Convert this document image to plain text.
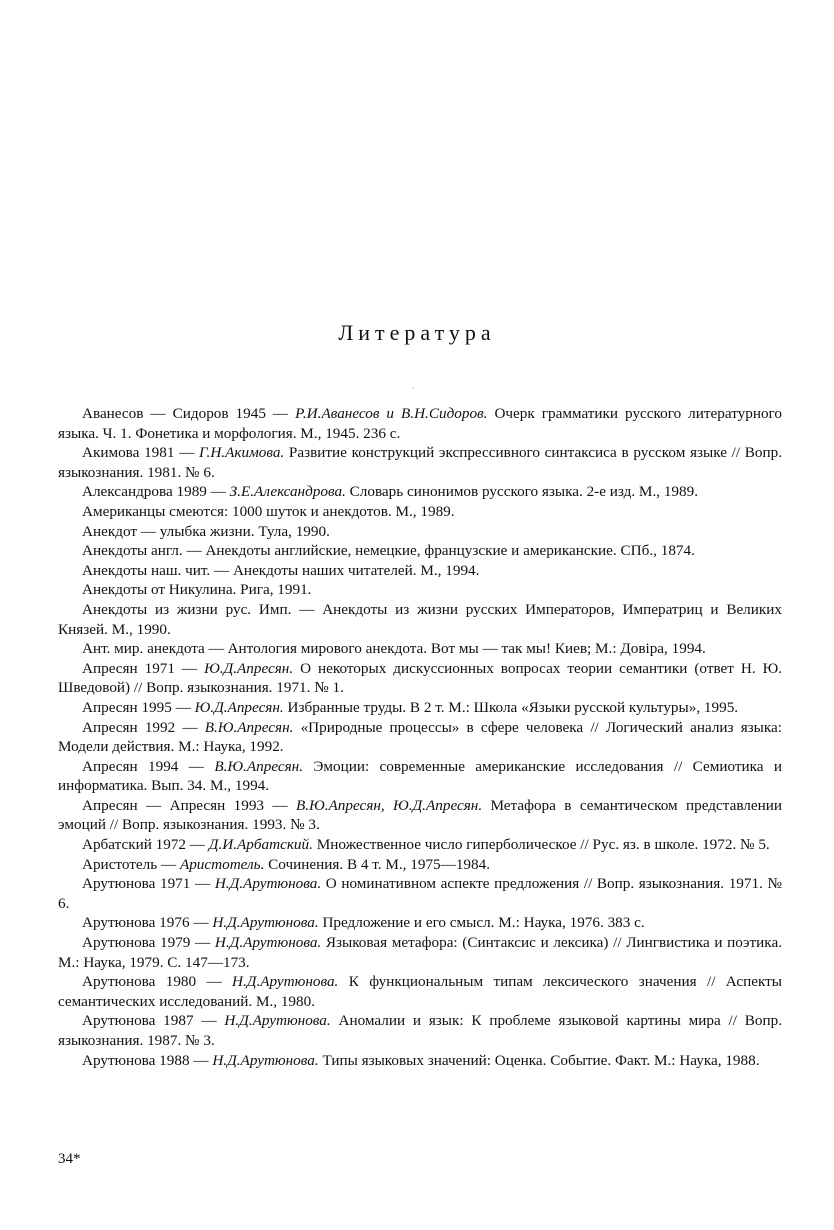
Литература
·

Аванесов — Сидоров 1945 — Р.И.Аванесов и В.Н.Сидоров. Очерк грамматики русского литературного языка. Ч. 1. Фонетика и морфология. М., 1945. 236 с.

Акимова 1981 — Г.Н.Акимова. Развитие конструкций экспрессивного синтаксиса в русском языке // Вопр. языкознания. 1981. № 6.

Александрова 1989 — З.Е.Александрова. Словарь синонимов русского языка. 2-е изд. М., 1989.

Американцы смеются: 1000 шуток и анекдотов. М., 1989.

Анекдот — улыбка жизни. Тула, 1990.

Анекдоты англ. — Анекдоты английские, немецкие, французские и американские. СПб., 1874.

Анекдоты наш. чит. — Анекдоты наших читателей. М., 1994.

Анекдоты от Никулина. Рига, 1991.

Анекдоты из жизни рус. Имп. — Анекдоты из жизни русских Императоров, Императриц и Великих Князей. М., 1990.

Ант. мир. анекдота — Антология мирового анекдота. Вот мы — так мы! Киев; М.: Довіра, 1994.

Апресян 1971 — Ю.Д.Апресян. О некоторых дискуссионных вопросах теории семантики (ответ Н. Ю. Шведовой) // Вопр. языкознания. 1971. № 1.

Апресян 1995 — Ю.Д.Апресян. Избранные труды. В 2 т. М.: Школа «Языки русской культуры», 1995.

Апресян 1992 — В.Ю.Апресян. «Природные процессы» в сфере человека // Логический анализ языка: Модели действия. М.: Наука, 1992.

Апресян 1994 — В.Ю.Апресян. Эмоции: современные американские исследования // Семиотика и информатика. Вып. 34. М., 1994.

Апресян — Апресян 1993 — В.Ю.Апресян, Ю.Д.Апресян. Метафора в семантическом представлении эмоций // Вопр. языкознания. 1993. № 3.

Арбатский 1972 — Д.И.Арбатский. Множественное число гиперболическое // Рус. яз. в школе. 1972. № 5.

Аристотель — Аристотель. Сочинения. В 4 т. М., 1975—1984.

Арутюнова 1971 — Н.Д.Арутюнова. О номинативном аспекте предложения // Вопр. языкознания. 1971. № 6.

Арутюнова 1976 — Н.Д.Арутюнова. Предложение и его смысл. М.: Наука, 1976. 383 с.

Арутюнова 1979 — Н.Д.Арутюнова. Языковая метафора: (Синтаксис и лексика) // Лингвистика и поэтика. М.: Наука, 1979. С. 147—173.

Арутюнова 1980 — Н.Д.Арутюнова. К функциональным типам лексического значения // Аспекты семантических исследований. М., 1980.

Арутюнова 1987 — Н.Д.Арутюнова. Аномалии и язык: К проблеме языковой картины мира // Вопр. языкознания. 1987. № 3.

Арутюнова 1988 — Н.Д.Арутюнова. Типы языковых значений: Оценка. Событие. Факт. М.: Наука, 1988.

34*
